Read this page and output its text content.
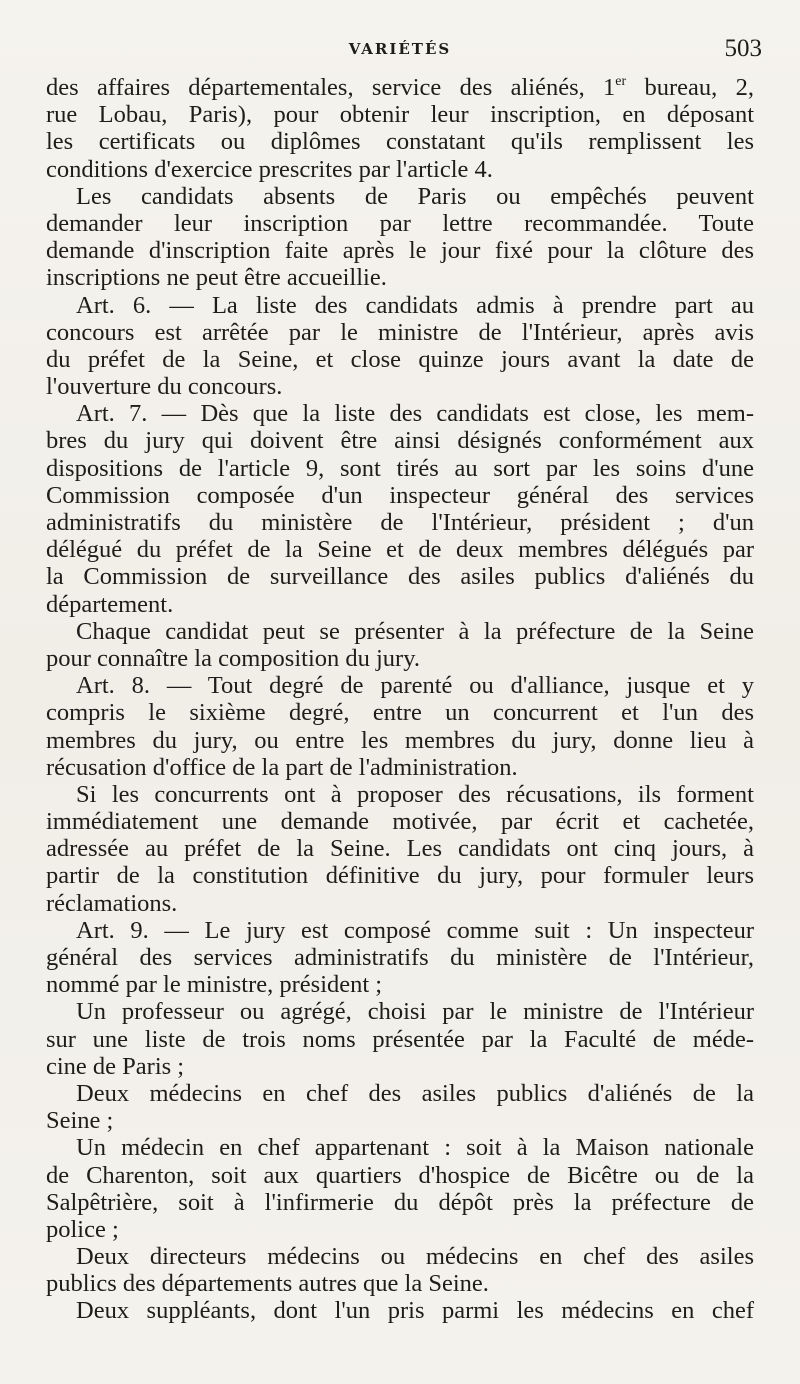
VARIÉTÉS	503
des affaires départementales, service des aliénés, 1er bureau, 2,
rue Lobau, Paris), pour obtenir leur inscription, en déposant
les certificats ou diplômes constatant qu'ils remplissent les
conditions d'exercice prescrites par l'article 4.
Les candidats absents de Paris ou empêchés peuvent
demander leur inscription par lettre recommandée. Toute
demande d'inscription faite après le jour fixé pour la clôture des
inscriptions ne peut être accueillie.
Art. 6. — La liste des candidats admis à prendre part au
concours est arrêtée par le ministre de l'Intérieur, après avis
du préfet de la Seine, et close quinze jours avant la date de
l'ouverture du concours.
Art. 7. — Dès que la liste des candidats est close, les mem-
bres du jury qui doivent être ainsi désignés conformément aux
dispositions de l'article 9, sont tirés au sort par les soins d'une
Commission composée d'un inspecteur général des services
administratifs du ministère de l'Intérieur, président ; d'un
délégué du préfet de la Seine et de deux membres délégués par
la Commission de surveillance des asiles publics d'aliénés du
département.
Chaque candidat peut se présenter à la préfecture de la Seine
pour connaître la composition du jury.
Art. 8. — Tout degré de parenté ou d'alliance, jusque et y
compris le sixième degré, entre un concurrent et l'un des
membres du jury, ou entre les membres du jury, donne lieu à
récusation d'office de la part de l'administration.
Si les concurrents ont à proposer des récusations, ils forment
immédiatement une demande motivée, par écrit et cachetée,
adressée au préfet de la Seine. Les candidats ont cinq jours, à
partir de la constitution définitive du jury, pour formuler leurs
réclamations.
Art. 9. — Le jury est composé comme suit : Un inspecteur
général des services administratifs du ministère de l'Intérieur,
nommé par le ministre, président ;
Un professeur ou agrégé, choisi par le ministre de l'Intérieur
sur une liste de trois noms présentée par la Faculté de méde-
cine de Paris ;
Deux médecins en chef des asiles publics d'aliénés de la
Seine ;
Un médecin en chef appartenant : soit à la Maison nationale
de Charenton, soit aux quartiers d'hospice de Bicêtre ou de la
Salpêtrière, soit à l'infirmerie du dépôt près la préfecture de
police ;
Deux directeurs médecins ou médecins en chef des asiles
publics des départements autres que la Seine.
Deux suppléants, dont l'un pris parmi les médecins en chef
